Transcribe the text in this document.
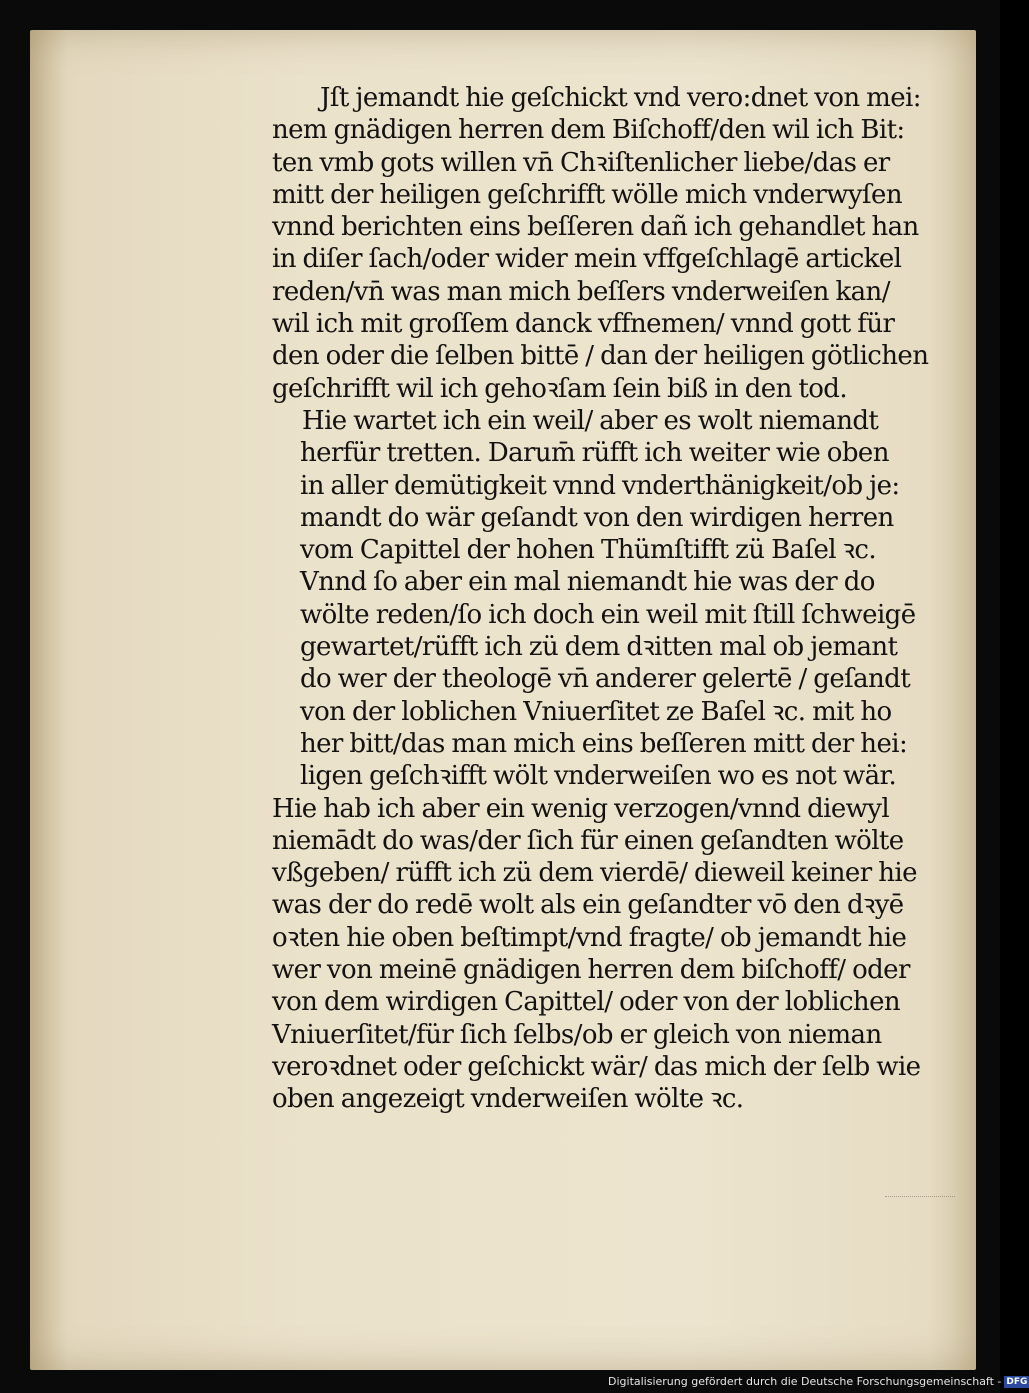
Jſt jemandt hie geſchickt vnd vero:dnet von mei:
nem gnädigen herren dem Biſchoff/den wil ich Bit:
ten vmb gots willen vn̄ Chꝛiſtenlicher liebe/das er
mitt der heiligen geſchrifft wölle mich vnderwyſen
vnnd berichten eins beſſeren dañ ich gehandlet han
in diſer ſach/oder wider mein vffgeſchlagē artickel
reden/vn̄ was man mich beſſers vnderweiſen kan/
wil ich mit groſſem danck vffnemen/ vnnd gott für
den oder die ſelben bittē / dan der heiligen götlichen
geſchrifft wil ich gehoꝛſam ſein biß in den tod.
Hie wartet ich ein weil/ aber es wolt niemandt
herfür tretten. Darum̄ rüfft ich weiter wie oben
in aller demütigkeit vnnd vnderthänigkeit/ob je:
mandt do wär geſandt von den wirdigen herren
vom Capittel der hohen Thümſtifft zü Baſel ꝛc.
Vnnd ſo aber ein mal niemandt hie was der do
wölte reden/ſo ich doch ein weil mit ſtill ſchweigē
gewartet/rüfft ich zü dem dꝛitten mal ob jemant
do wer der theologē vn̄ anderer gelertē / geſandt
von der loblichen Vniuerſitet ze Baſel ꝛc. mit ho
her bitt/das man mich eins beſſeren mitt der hei:
ligen geſchꝛifft wölt vnderweiſen wo es not wär.
Hie hab ich aber ein wenig verzogen/vnnd diewyl
niemādt do was/der ſich für einen geſandten wölte
vßgeben/ rüfft ich zü dem vierdē/ dieweil keiner hie
was der do redē wolt als ein geſandter vō den dꝛyē
oꝛten hie oben beſtimpt/vnd fragte/ ob jemandt hie
wer von meinē gnädigen herren dem biſchoff/ oder
von dem wirdigen Capittel/ oder von der loblichen
Vniuerſitet/für ſich ſelbs/ob er gleich von nieman
veroꝛdnet oder geſchickt wär/ das mich der ſelb wie
oben angezeigt vnderweiſen wölte ꝛc.
Digitalisierung gefördert durch die Deutsche Forschungsgemeinschaft - DFG
